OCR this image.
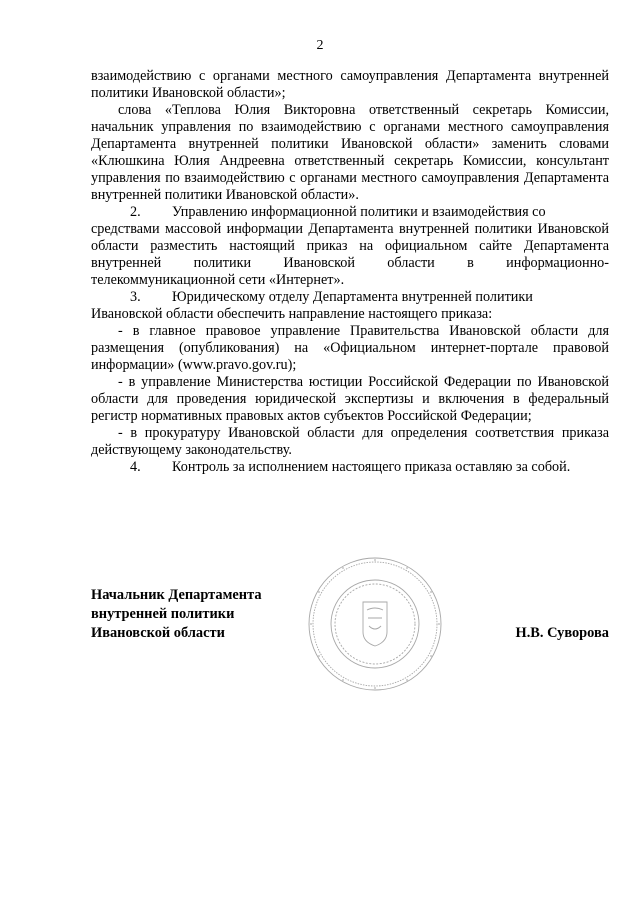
2

взаимодействию с органами местного самоуправления Департамента внутренней политики Ивановской области»;

слова «Теплова Юлия Викторовна ответственный секретарь Комиссии, начальник управления по взаимодействию с органами местного самоуправления Департамента внутренней политики Ивановской области» заменить словами «Клюшкина Юлия Андреевна ответственный секретарь Комиссии, консультант управления по взаимодействию с органами местного самоуправления Департамента внутренней политики Ивановской области».

2.	Управлению информационной политики и взаимодействия со

средствами массовой информации Департамента внутренней политики Ивановской области разместить настоящий приказ на официальном сайте Департамента внутренней политики Ивановской области в информационно-телекоммуникационной сети «Интернет».

3.	Юридическому отделу Департамента внутренней политики

Ивановской области обеспечить направление настоящего приказа:

- в главное правовое управление Правительства Ивановской области для размещения (опубликования) на «Официальном интернет-портале правовой информации» (www.pravo.gov.ru);

- в управление Министерства юстиции Российской Федерации по Ивановской области для проведения юридической экспертизы и включения в федеральный регистр нормативных правовых актов субъектов Российской Федерации;

- в прокуратуру Ивановской области для определения соответствия приказа действующему законодательству.

4.	Контроль за исполнением настоящего приказа оставляю за собой.

Начальник Департамента
внутренней политики
Ивановской области	Н.В. Суворова
